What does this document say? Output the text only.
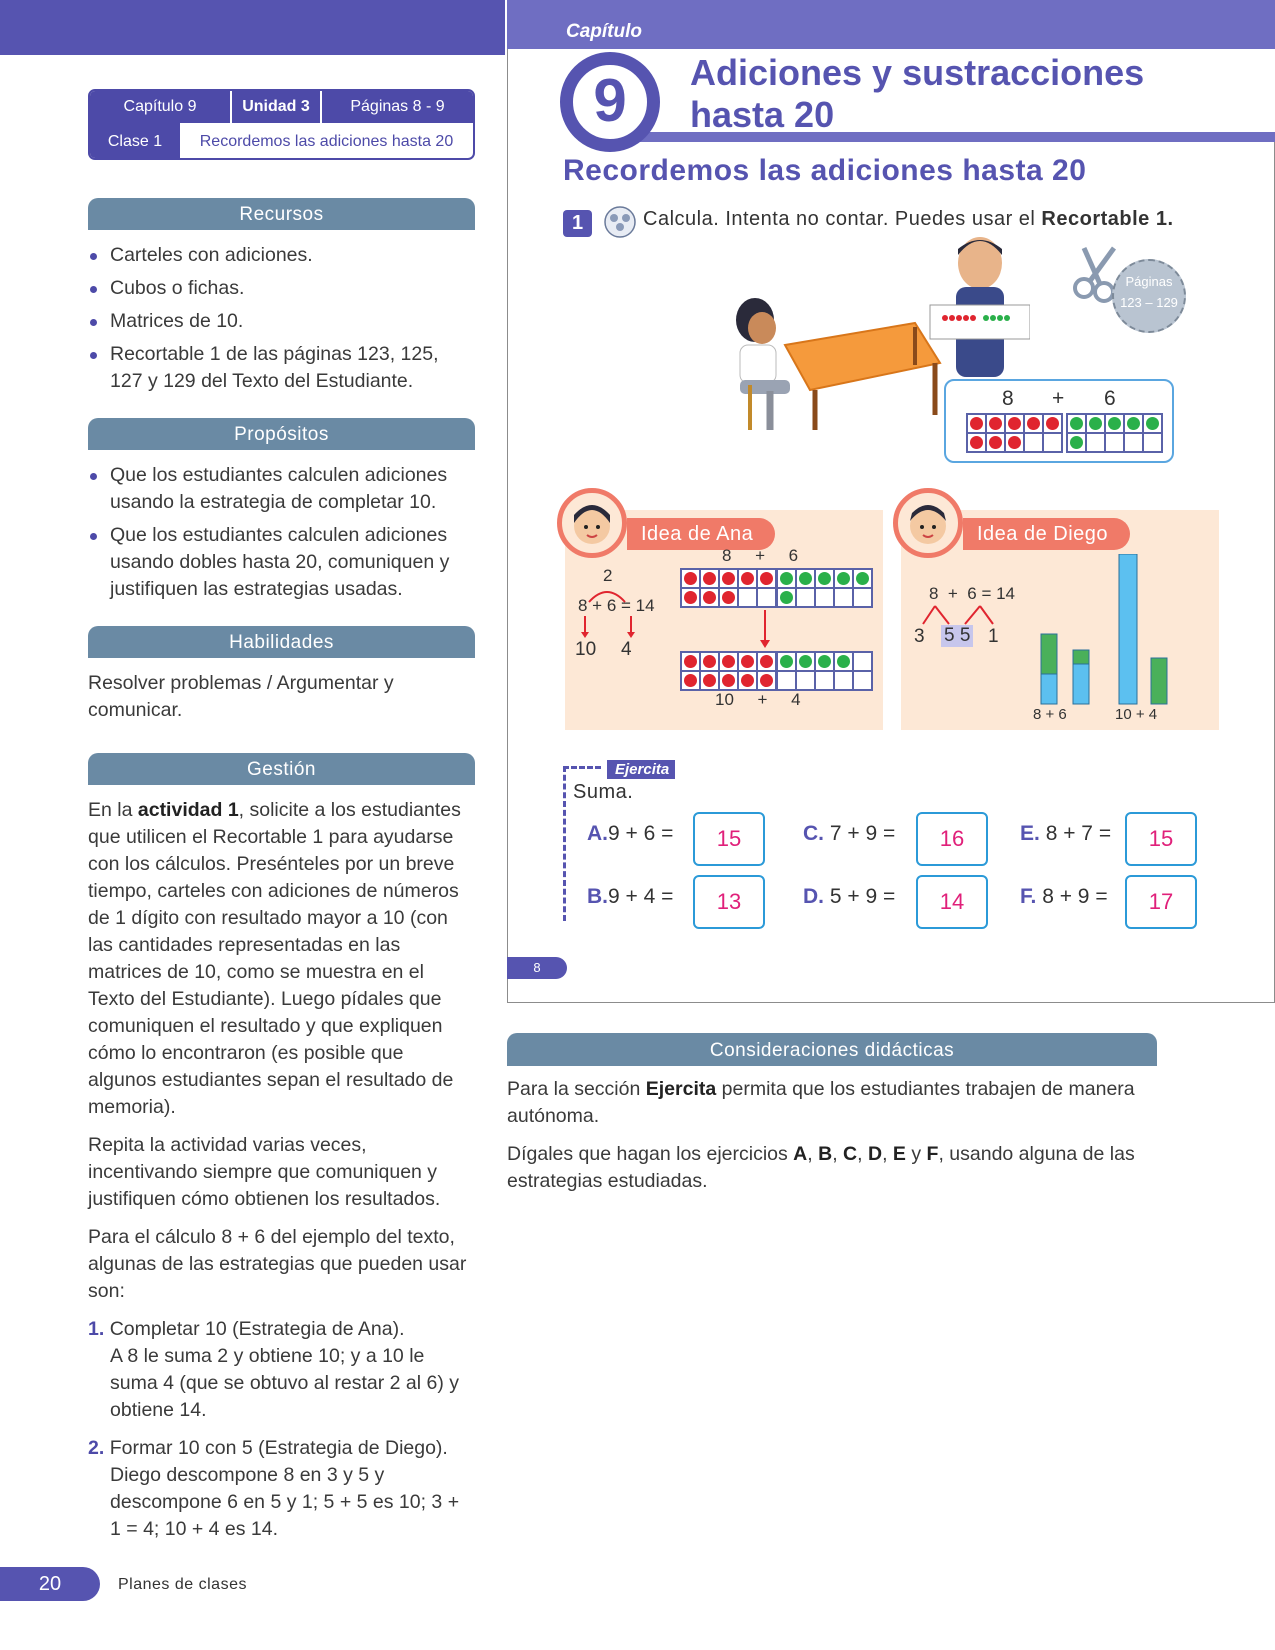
Capítulo 9	Unidad 3	Páginas 8 - 9
Clase 1	Recordemos las adiciones hasta 20
Recursos
Carteles con adiciones.
Cubos o fichas.
Matrices de 10.
Recortable 1 de las páginas 123, 125, 127 y 129 del Texto del Estudiante.
Propósitos
Que los estudiantes calculen adiciones usando la estrategia de completar 10.
Que los estudiantes calculen adiciones usando dobles hasta 20, comuniquen y justifiquen las estrategias usadas.
Habilidades
Resolver problemas / Argumentar y comunicar.
Gestión

En la actividad 1, solicite a los estudiantes que utilicen el Recortable 1 para ayudarse con los cálculos. Presénteles por un breve tiempo, carteles con adiciones de números de 1 dígito con resultado mayor a 10 (con las cantidades representadas en las matrices de 10, como se muestra en el Texto del Estudiante). Luego pídales que comuniquen el resultado y que expliquen cómo lo encontraron (es posible que algunos estudiantes sepan el resultado de memoria).

Repita la actividad varias veces, incentivando siempre que comuniquen y justifiquen cómo obtienen los resultados.

Para el cálculo 8 + 6 del ejemplo del texto, algunas de las estrategias que pueden usar son:

1. Completar 10 (Estrategia de Ana).

A 8 le suma 2 y obtiene 10; y a 10 le suma 4 (que se obtuvo al restar 2 al 6) y obtiene 14.

2. Formar 10 con 5 (Estrategia de Diego).

Diego descompone 8 en 3 y 5 y descompone 6 en 5 y 1; 5 + 5 es 10; 3 + 1 = 4; 10 + 4 es 14.

Capítulo
9	Adiciones y sustracciones
hasta 20
Recordemos las adiciones hasta 20
1	Calcula. Intenta no contar. Puedes usar el Recortable 1.
Páginas
123 – 129
8 + 6
Idea de Ana
8     +     6
2
8 + 6 = 14
10 4
10     +     4
Idea de Diego
8  +  6 = 14
3 5 5 1
8 + 6	10 + 4
Ejercita
Suma.
A.9 + 6 =	15
B.9 + 4 =	13
C. 7 + 9 =	16
D. 5 + 9 =	14
E. 8 + 7 =	15
F. 8 + 9 =	17
8
Consideraciones didácticas

Para la sección Ejercita permita que los estudiantes trabajen de manera autónoma.

Dígales que hagan los ejercicios A, B, C, D, E y F, usando alguna de las estrategias estudiadas.

20	Planes de clases
